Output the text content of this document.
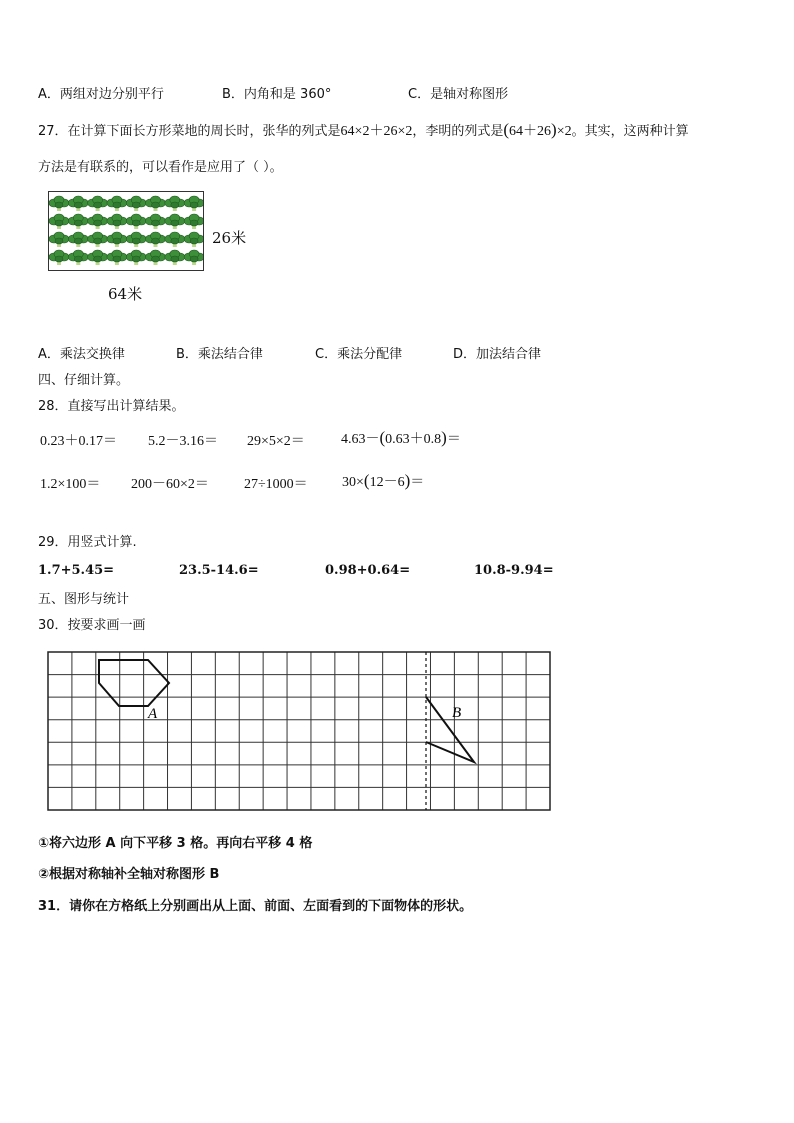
A．两组对边分别平行	B．内角和是 360°	C．是轴对称图形
27．在计算下面长方形菜地的周长时，张华的列式是64×2＋26×2，李明的列式是(64＋26)×2。其实，这两种计算
方法是有联系的，可以看作是应用了（ ）。
26米
64米
A．乘法交换律	B．乘法结合律	C．乘法分配律	D．加法结合律
四、仔细计算。
28．直接写出计算结果。
0.23＋0.17＝ 5.2－3.16＝ 29×5×2＝	4.63－(0.63＋0.8)＝
1.2×100＝ 200－60×2＝	27÷1000＝ 30×(12－6)＝
29．用竖式计算.
1.7+5.45=	23.5-14.6=	0.98+0.64=	10.8-9.94=
五、图形与统计
30．按要求画一画
A	B
①将六边形 A 向下平移 3 格。再向右平移 4 格
②根据对称轴补全轴对称图形 B
31．请你在方格纸上分别画出从上面、前面、左面看到的下面物体的形状。
